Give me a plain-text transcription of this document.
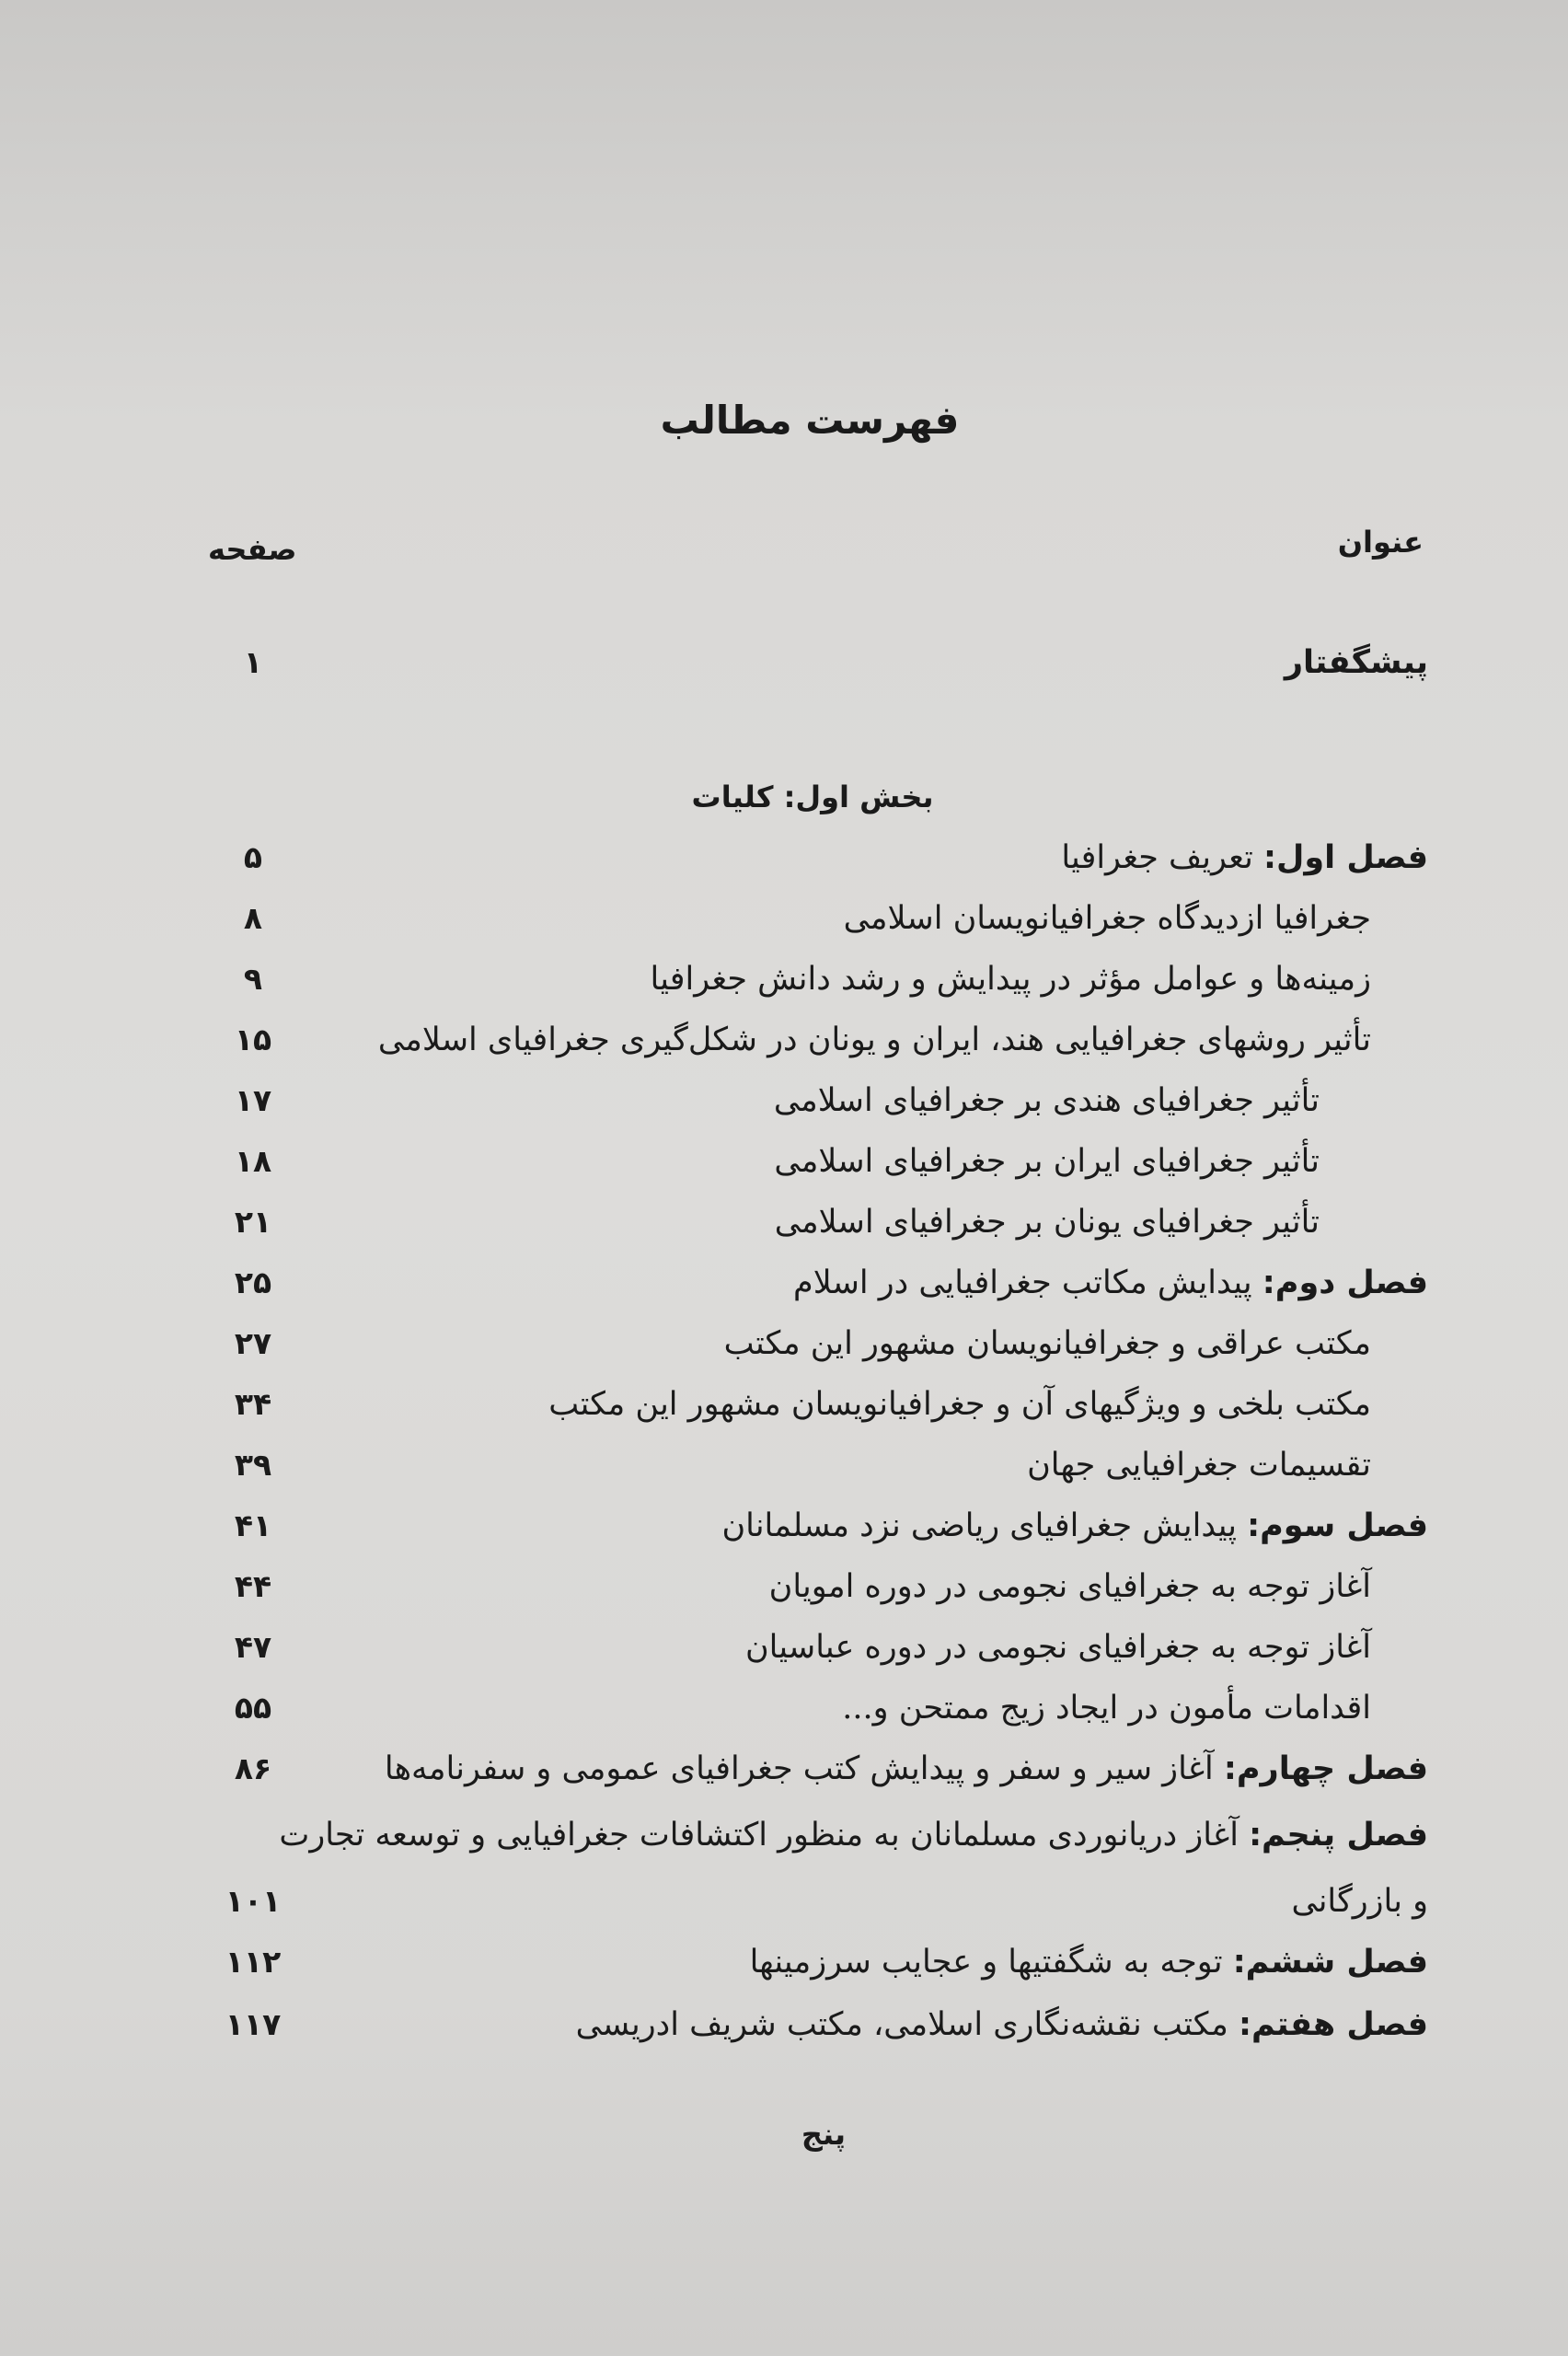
فهرست مطالب
عنوان
صفحه
پیشگفتار
۱
بخش اول: کلیات
فصل اول: تعریف جغرافیا
۵
جغرافیا ازدیدگاه جغرافیانویسان اسلامی
۸
زمینه‌ها و عوامل مؤثر در پیدایش و رشد دانش جغرافیا
۹
تأثیر روشهای جغرافیایی هند، ایران و یونان در شکل‌گیری جغرافیای اسلامی
۱۵
تأثیر جغرافیای هندی بر جغرافیای اسلامی
۱۷
تأثیر جغرافیای ایران بر جغرافیای اسلامی
۱۸
تأثیر جغرافیای یونان بر جغرافیای اسلامی
۲۱
فصل دوم: پیدایش مکاتب جغرافیایی در اسلام
۲۵
مکتب عراقی و جغرافیانویسان مشهور این مکتب
۲۷
مکتب بلخی و ویژگیهای آن و جغرافیانویسان مشهور این مکتب
۳۴
تقسیمات جغرافیایی جهان
۳۹
فصل سوم: پیدایش جغرافیای ریاضی نزد مسلمانان
۴۱
آغاز توجه به جغرافیای نجومی در دوره امویان
۴۴
آغاز توجه به جغرافیای نجومی در دوره عباسیان
۴۷
اقدامات مأمون در ایجاد زیج ممتحن و...
۵۵
فصل چهارم: آغاز سیر و سفر و پیدایش کتب جغرافیای عمومی و سفرنامه‌ها
۸۶
فصل پنجم: آغاز دریانوردی مسلمانان به منظور اکتشافات جغرافیایی و توسعه تجارت
و بازرگانی
۱۰۱
فصل ششم: توجه به شگفتیها و عجایب سرزمینها
۱۱۲
فصل هفتم: مکتب نقشه‌نگاری اسلامی، مکتب شریف ادریسی
۱۱۷
پنج
